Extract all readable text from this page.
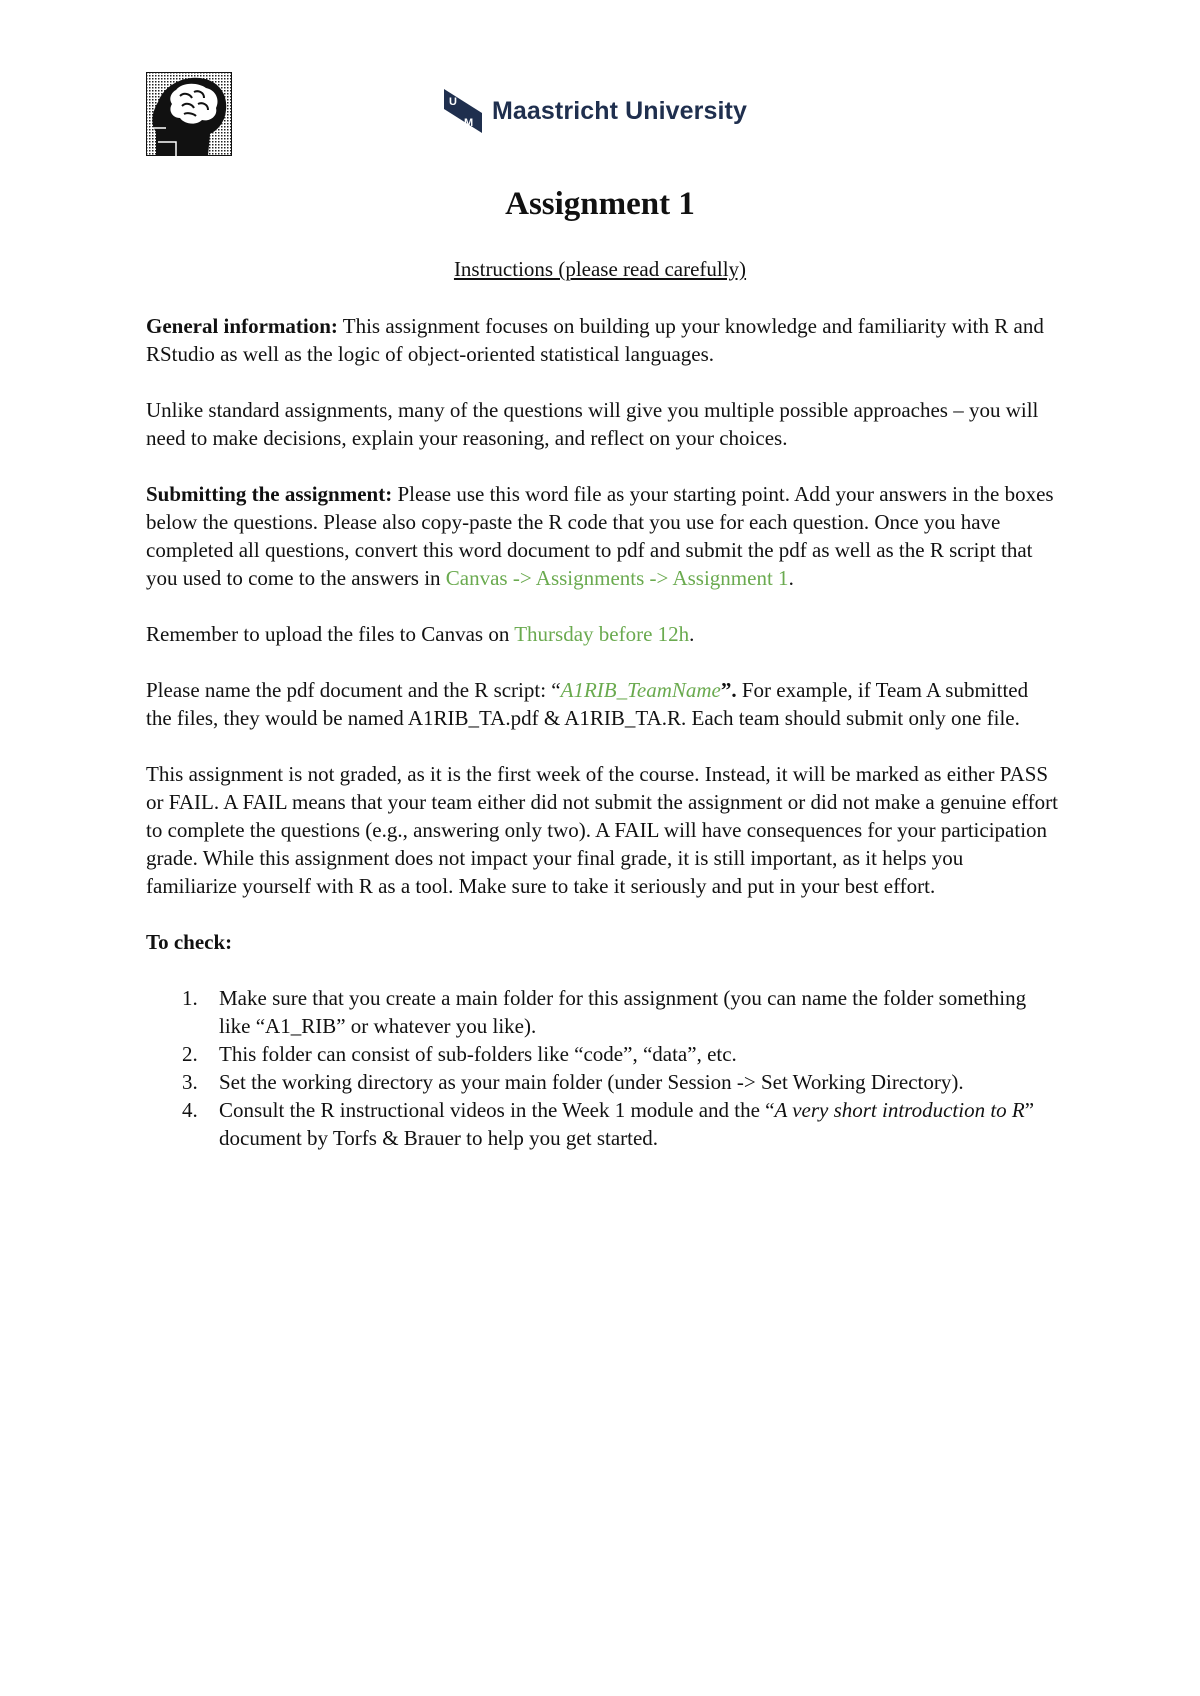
U
M Maastricht University
Assignment 1
Instructions (please read carefully)

General information: This assignment focuses on building up your knowledge and familiarity with R and RStudio as well as the logic of object-oriented statistical languages.

Unlike standard assignments, many of the questions will give you multiple possible approaches – you will need to make decisions, explain your reasoning, and reflect on your choices.

Submitting the assignment: Please use this word file as your starting point. Add your answers in the boxes below the questions. Please also copy-paste the R code that you use for each question. Once you have completed all questions, convert this word document to pdf and submit the pdf as well as the R script that you used to come to the answers in Canvas -> Assignments -> Assignment 1.

Remember to upload the files to Canvas on Thursday before 12h.

Please name the pdf document and the R script: “A1RIB_TeamName”. For example, if Team A submitted the files, they would be named A1RIB_TA.pdf & A1RIB_TA.R. Each team should submit only one file.

This assignment is not graded, as it is the first week of the course. Instead, it will be marked as either PASS or FAIL. A FAIL means that your team either did not submit the assignment or did not make a genuine effort to complete the questions (e.g., answering only two). A FAIL will have consequences for your participation grade. While this assignment does not impact your final grade, it is still important, as it helps you familiarize yourself with R as a tool. Make sure to take it seriously and put in your best effort.

To check:

1. Make sure that you create a main folder for this assignment (you can name the folder something like “A1_RIB” or whatever you like).
2. This folder can consist of sub-folders like “code”, “data”, etc.
3. Set the working directory as your main folder (under Session -> Set Working Directory).
4. Consult the R instructional videos in the Week 1 module and the “A very short introduction to R” document by Torfs & Brauer to help you get started.
